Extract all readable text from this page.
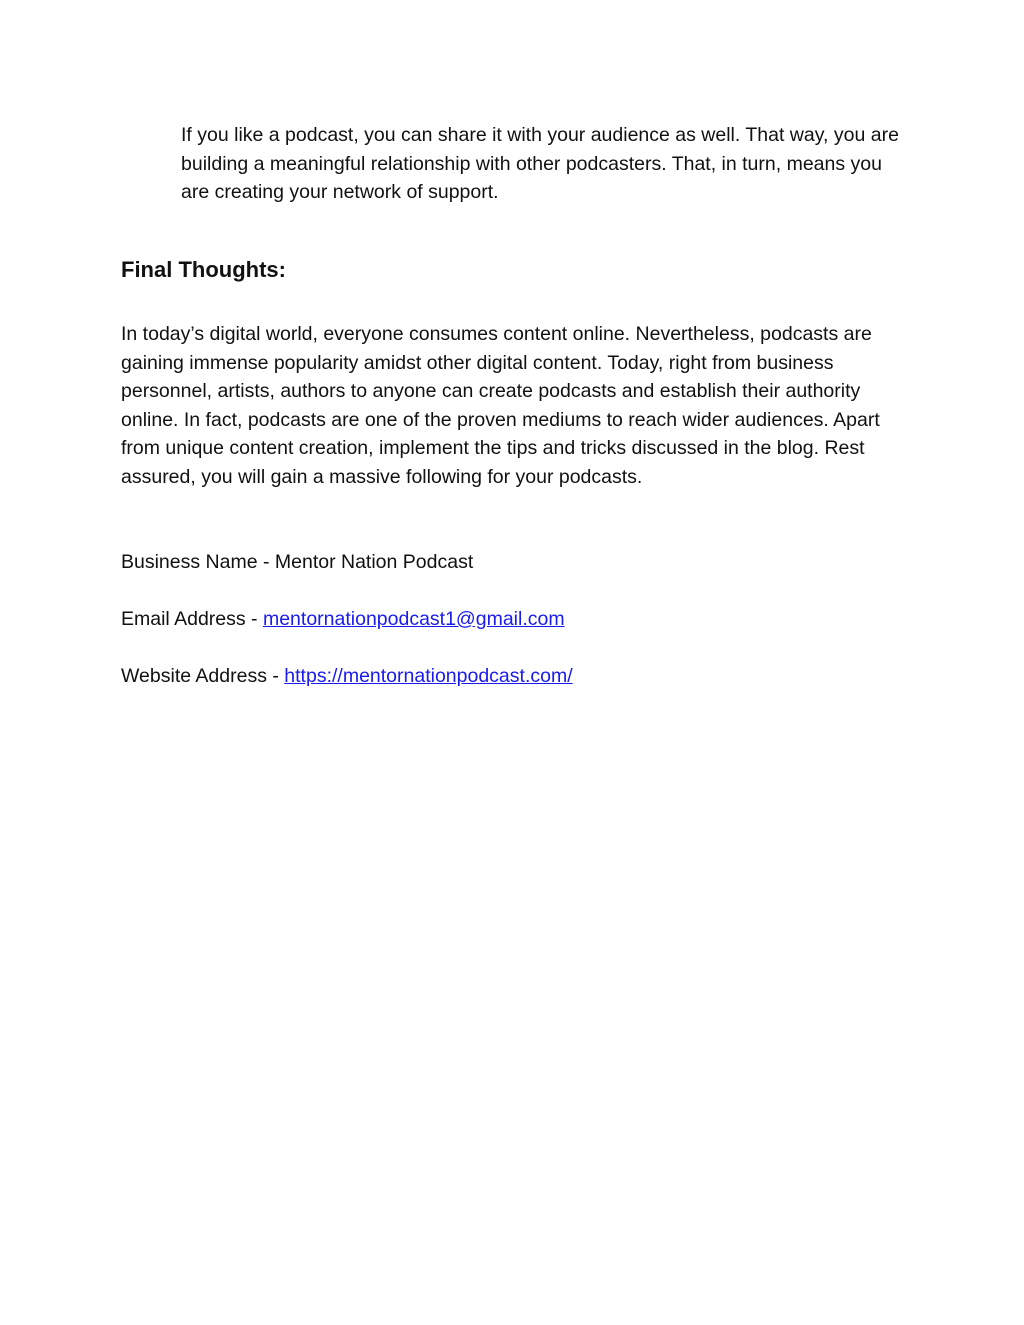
If you like a podcast, you can share it with your audience as well. That way, you are building a meaningful relationship with other podcasters. That, in turn, means you are creating your network of support.

Final Thoughts:

In today’s digital world, everyone consumes content online. Nevertheless, podcasts are gaining immense popularity amidst other digital content. Today, right from business personnel, artists, authors to anyone can create podcasts and establish their authority online. In fact, podcasts are one of the proven mediums to reach wider audiences. Apart from unique content creation, implement the tips and tricks discussed in the blog. Rest assured, you will gain a massive following for your podcasts.

Business Name - Mentor Nation Podcast

Email Address - mentornationpodcast1@gmail.com

Website Address - https://mentornationpodcast.com/
